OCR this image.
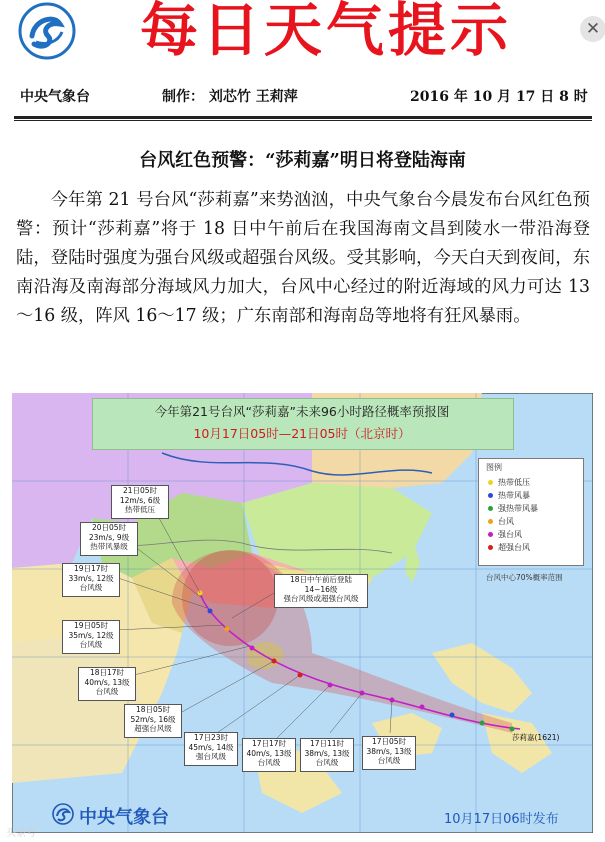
每日天气提示	✕
中央气象台	制作： 刘芯竹 王莉萍	2016 年 10 月 17 日 8 时
台风红色预警：“莎莉嘉”明日将登陆海南

今年第 21 号台风“莎莉嘉”来势汹汹，中央气象台今晨发布台风红色预警：预计“莎莉嘉”将于 18 日中午前后在我国海南文昌到陵水一带沿海登陆，登陆时强度为强台风级或超强台风级。受其影响，今天白天到夜间，东南沿海及南海部分海域风力加大，台风中心经过的附近海域的风力可达 13～16 级，阵风 16～17 级；广东南部和海南岛等地将有狂风暴雨。

今年第21号台风“莎莉嘉”未来96小时路径概率预报图
10月17日05时—21日05时（北京时）
21日05时
12m/s, 6级
热带低压
20日05时
23m/s, 9级
热带风暴级
19日17时
33m/s, 12级
台风级
19日05时
35m/s, 12级
台风级
18日17时
40m/s, 13级
台风级
18日05时
52m/s, 16级
超强台风级
17日23时
45m/s, 14级
强台风级
17日17时
40m/s, 13级
台风级
17日11时
38m/s, 13级
台风级
17日05时
38m/s, 13级
台风级
18日中午前后登陆
14~16级
强台风级或超强台风级
图例
热带低压
热带风暴
强热带风暴
台风
强台风
超强台风
台风中心70%概率范围
莎莉嘉(1621)
中央气象台	10月17日06时发布
头条号
